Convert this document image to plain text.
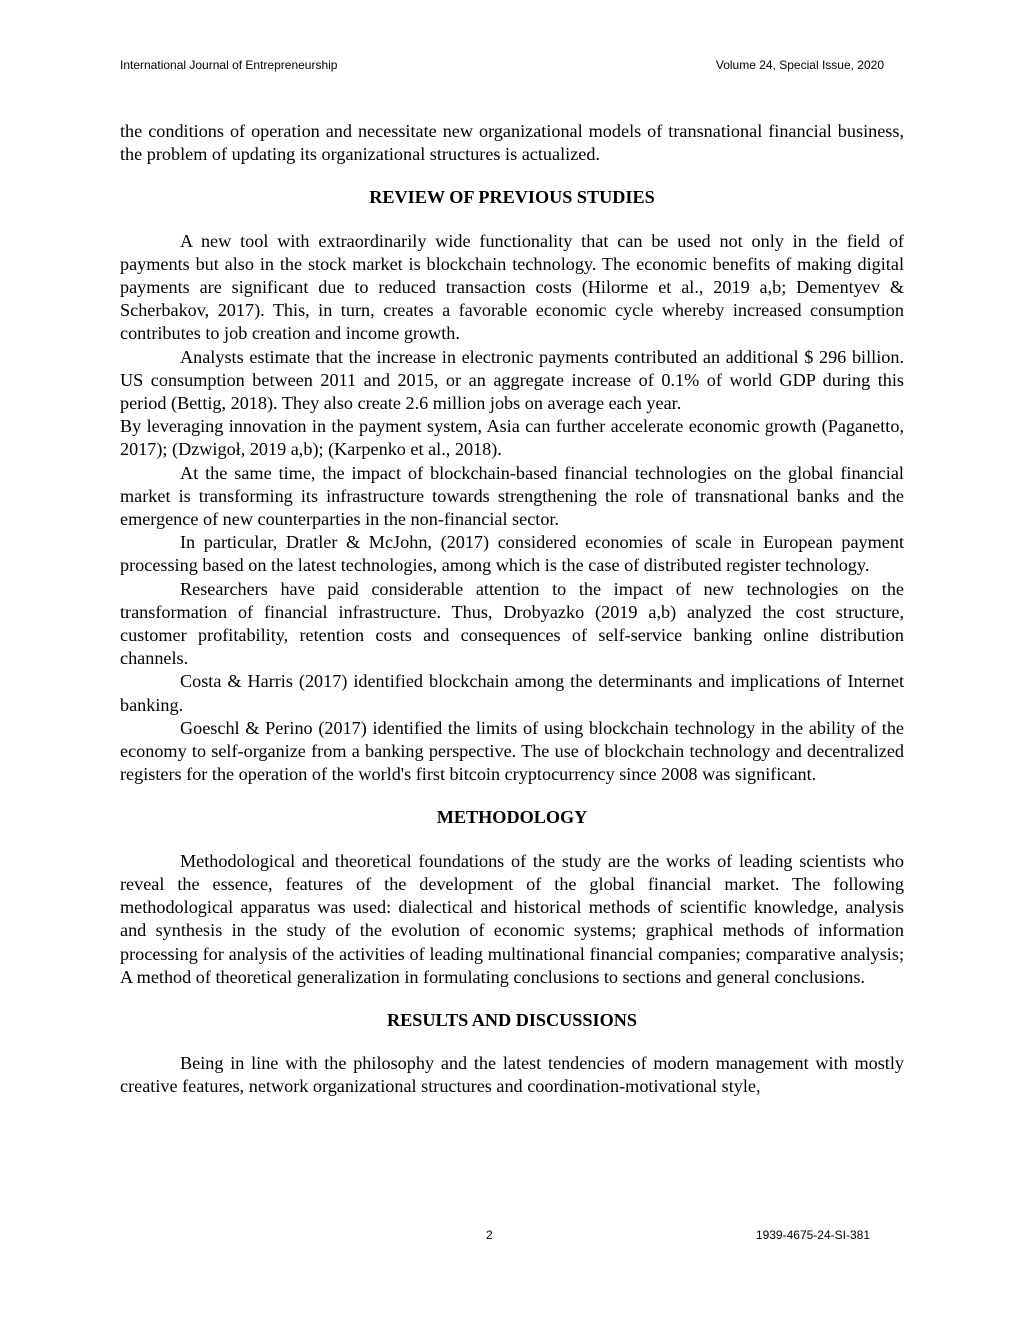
International Journal of Entrepreneurship	Volume 24, Special Issue, 2020

the conditions of operation and necessitate new organizational models of transnational financial business, the problem of updating its organizational structures is actualized.

REVIEW OF PREVIOUS STUDIES

A new tool with extraordinarily wide functionality that can be used not only in the field of payments but also in the stock market is blockchain technology. The economic benefits of making digital payments are significant due to reduced transaction costs (Hilorme et al., 2019 a,b; Dementyev & Scherbakov, 2017). This, in turn, creates a favorable economic cycle whereby increased consumption contributes to job creation and income growth.

Analysts estimate that the increase in electronic payments contributed an additional $ 296 billion. US consumption between 2011 and 2015, or an aggregate increase of 0.1% of world GDP during this period (Bettig, 2018). They also create 2.6 million jobs on average each year.

By leveraging innovation in the payment system, Asia can further accelerate economic growth (Paganetto, 2017); (Dzwigoł, 2019 a,b); (Karpenko et al., 2018).

At the same time, the impact of blockchain-based financial technologies on the global financial market is transforming its infrastructure towards strengthening the role of transnational banks and the emergence of new counterparties in the non-financial sector.

In particular, Dratler & McJohn, (2017) considered economies of scale in European payment processing based on the latest technologies, among which is the case of distributed register technology.

Researchers have paid considerable attention to the impact of new technologies on the transformation of financial infrastructure. Thus, Drobyazko (2019 a,b) analyzed the cost structure, customer profitability, retention costs and consequences of self-service banking online distribution channels.

Costa & Harris (2017) identified blockchain among the determinants and implications of Internet banking.

Goeschl & Perino (2017) identified the limits of using blockchain technology in the ability of the economy to self-organize from a banking perspective. The use of blockchain technology and decentralized registers for the operation of the world's first bitcoin cryptocurrency since 2008 was significant.

METHODOLOGY

Methodological and theoretical foundations of the study are the works of leading scientists who reveal the essence, features of the development of the global financial market. The following methodological apparatus was used: dialectical and historical methods of scientific knowledge, analysis and synthesis in the study of the evolution of economic systems; graphical methods of information processing for analysis of the activities of leading multinational financial companies; comparative analysis; A method of theoretical generalization in formulating conclusions to sections and general conclusions.

RESULTS AND DISCUSSIONS

Being in line with the philosophy and the latest tendencies of modern management with mostly creative features, network organizational structures and coordination-motivational style,

2	1939-4675-24-SI-381
